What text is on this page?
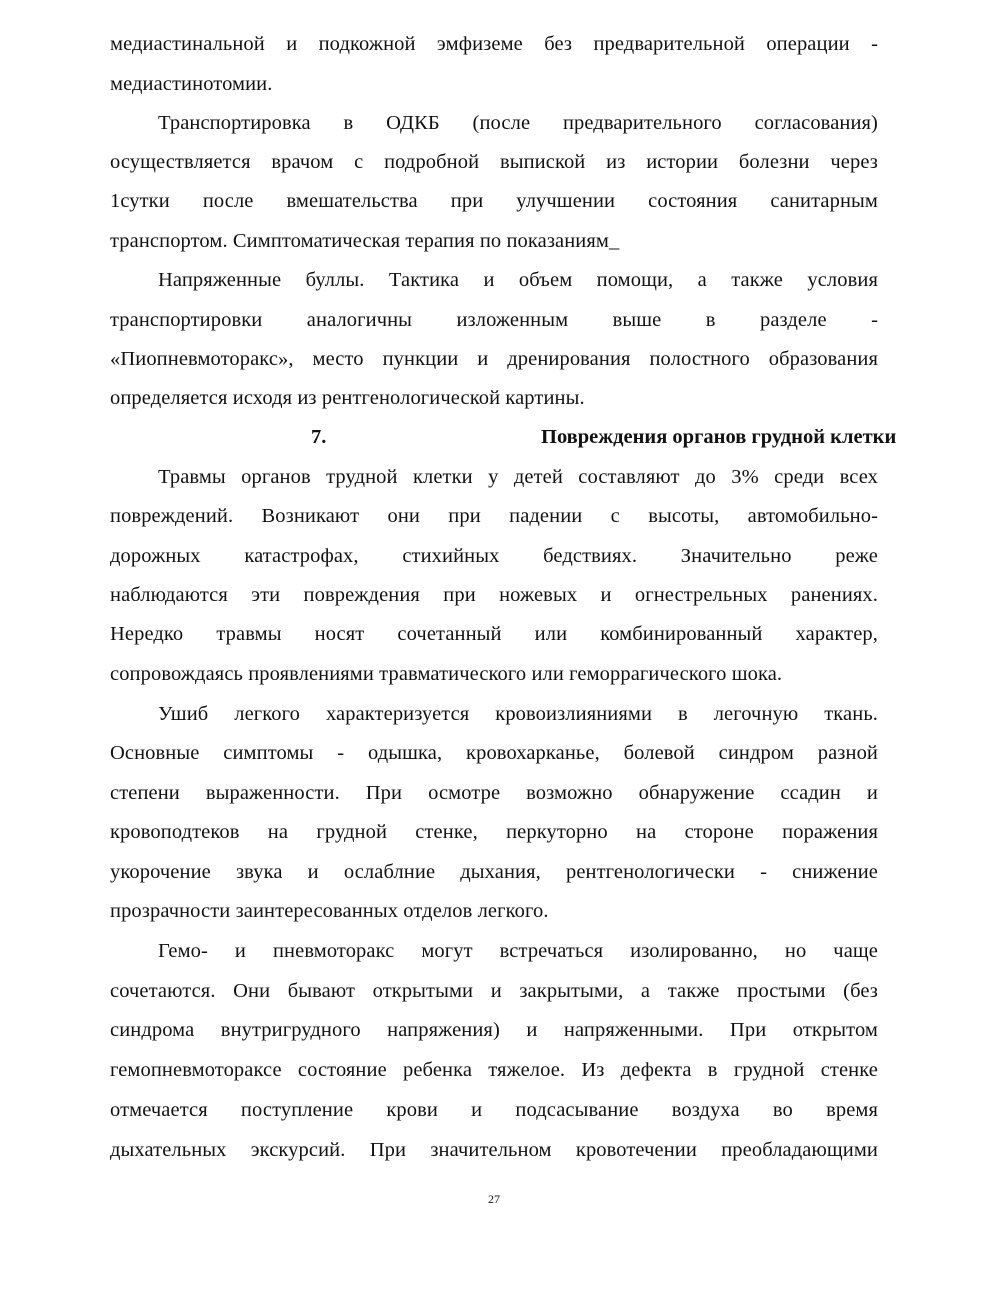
медиастинальной и подкожной эмфиземе без предварительной операции -
медиастинотомии.
Транспортировка в ОДКБ (после предварительного согласования)
осуществляется врачом с подробной выпиской из истории болезни через
1сутки после вмешательства при улучшении состояния санитарным
транспортом. Симптоматическая терапия по показаниям_
Напряженные буллы. Тактика и объем помощи, а также условия
транспортировки аналогичны изложенным выше в разделе -
«Пиопневмоторакс», место пункции и дренирования полостного образования
определяется исходя из рентгенологической картины.
7.	Повреждения органов грудной клетки
Травмы органов трудной клетки у детей составляют до 3% среди всех
повреждений. Возникают они при падении с высоты, автомобильно-
дорожных катастрофах, стихийных бедствиях. Значительно реже
наблюдаются эти повреждения при ножевых и огнестрельных ранениях.
Нередко травмы носят сочетанный или комбинированный характер,
сопровождаясь проявлениями травматического или геморрагического шока.
Ушиб легкого характеризуется кровоизлияниями в легочную ткань.
Основные симптомы - одышка, кровохарканье, болевой синдром разной
степени выраженности. При осмотре возможно обнаружение ссадин и
кровоподтеков на грудной стенке, перкуторно на стороне поражения
укорочение звука и ослаблние дыхания, рентгенологически - снижение
прозрачности заинтересованных отделов легкого.
Гемо- и пневмоторакс могут встречаться изолированно, но чаще
сочетаются. Они бывают открытыми и закрытыми, а также простыми (без
синдрома внутригрудного напряжения) и напряженными. При открытом
гемопневмотораксе состояние ребенка тяжелое. Из дефекта в грудной стенке
отмечается поступление крови и подсасывание воздуха во время
дыхательных экскурсий. При значительном кровотечении преобладающими
27
